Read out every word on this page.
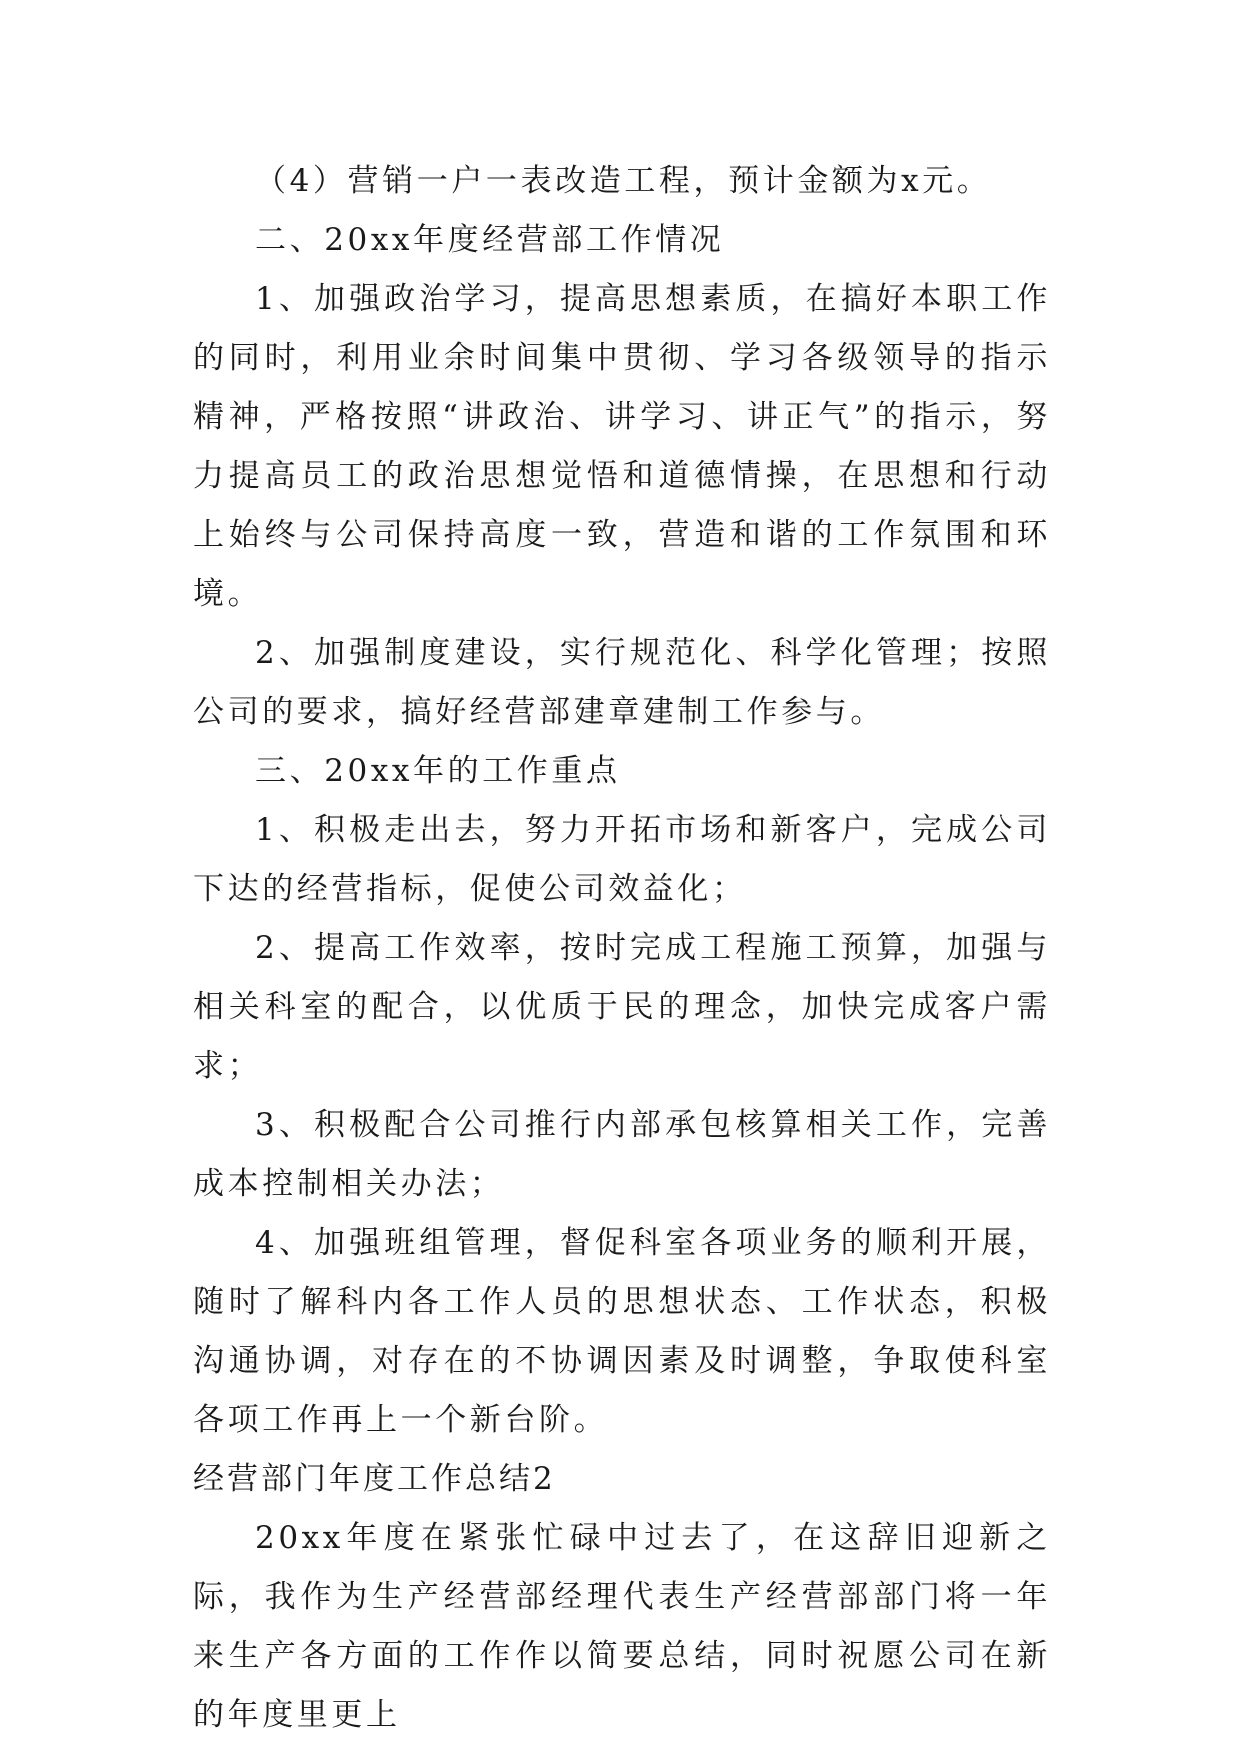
（4）营销一户一表改造工程，预计金额为x元。

二、20xx年度经营部工作情况

1、加强政治学习，提高思想素质，在搞好本职工作的同时，利用业余时间集中贯彻、学习各级领导的指示精神，严格按照“讲政治、讲学习、讲正气”的指示，努力提高员工的政治思想觉悟和道德情操，在思想和行动上始终与公司保持高度一致，营造和谐的工作氛围和环境。

2、加强制度建设，实行规范化、科学化管理；按照公司的要求，搞好经营部建章建制工作参与。

三、20xx年的工作重点

1、积极走出去，努力开拓市场和新客户，完成公司下达的经营指标，促使公司效益化；

2、提高工作效率，按时完成工程施工预算，加强与相关科室的配合，以优质于民的理念，加快完成客户需求；

3、积极配合公司推行内部承包核算相关工作，完善成本控制相关办法；

4、加强班组管理，督促科室各项业务的顺利开展，随时了解科内各工作人员的思想状态、工作状态，积极沟通协调，对存在的不协调因素及时调整，争取使科室各项工作再上一个新台阶。

经营部门年度工作总结2

20xx年度在紧张忙碌中过去了，在这辞旧迎新之际，我作为生产经营部经理代表生产经营部部门将一年来生产各方面的工作作以简要总结，同时祝愿公司在新的年度里更上
